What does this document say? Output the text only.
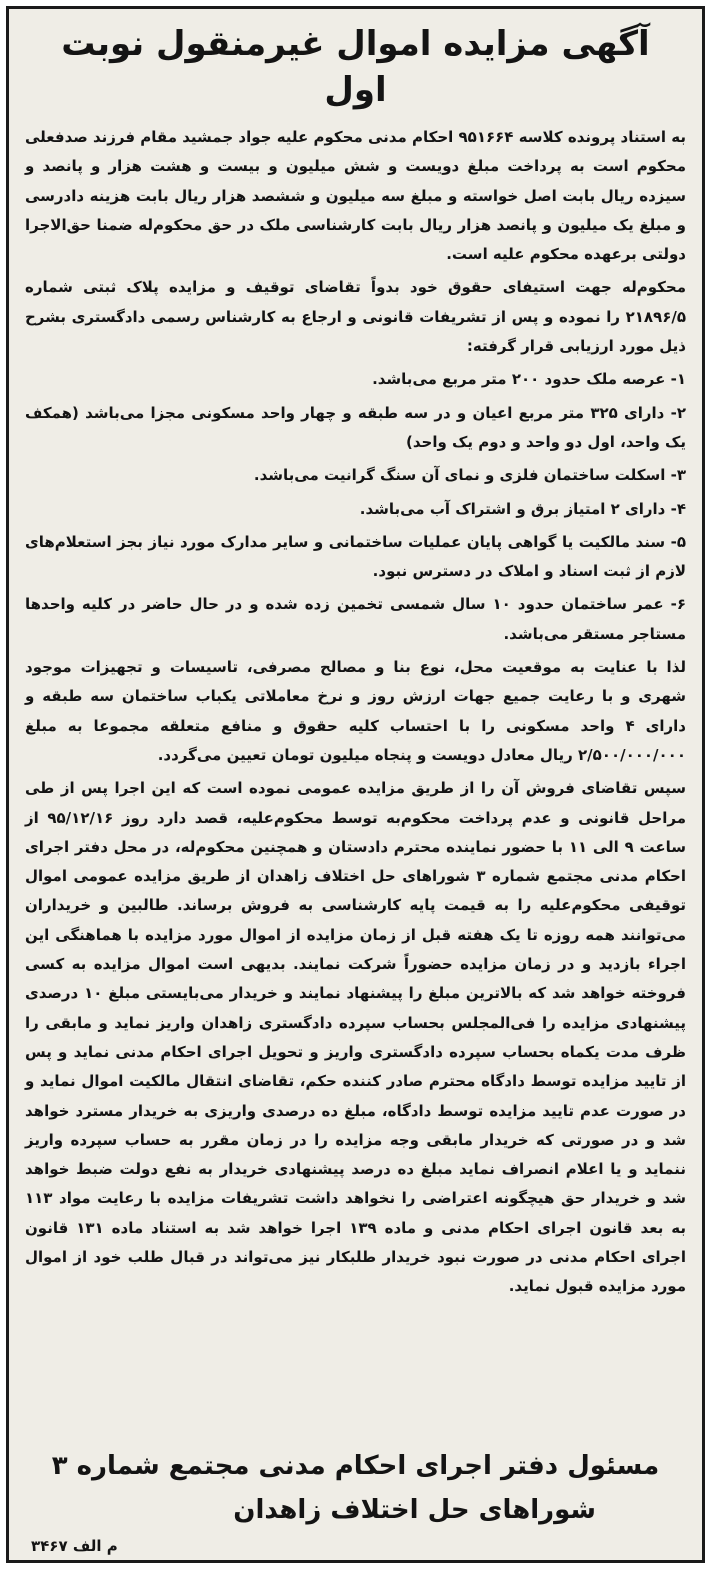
آگهی مزایده اموال غیرمنقول نوبت اول

به استناد پرونده کلاسه ۹۵۱۶۶۴ احکام مدنی محکوم علیه جواد جمشید مقام فرزند صدفعلی محکوم است به پرداخت مبلغ دویست و شش میلیون و بیست و هشت هزار و پانصد و سیزده ریال بابت اصل خواسته و مبلغ سه میلیون و ششصد هزار ریال بابت هزینه دادرسی و مبلغ یک میلیون و پانصد هزار ریال بابت کارشناسی ملک در حق محکوم‌له ضمنا حق‌الاجرا دولتی برعهده محکوم علیه است.

محکوم‌له جهت استیفای حقوق خود بدواً تقاضای توقیف و مزایده پلاک ثبتی شماره ۲۱۸۹۶/۵ را نموده و پس از تشریفات قانونی و ارجاع به کارشناس رسمی دادگستری بشرح ذیل مورد ارزیابی قرار گرفته:

۱- عرصه ملک حدود ۲۰۰ متر مربع می‌باشد.

۲- دارای ۳۲۵ متر مربع اعیان و در سه طبقه و چهار واحد مسکونی مجزا می‌باشد (همکف یک واحد، اول دو واحد و دوم یک واحد)

۳- اسکلت ساختمان فلزی و نمای آن سنگ گرانیت می‌باشد.

۴- دارای ۲ امتیاز برق و اشتراک آب می‌باشد.

۵- سند مالکیت یا گواهی پایان عملیات ساختمانی و سایر مدارک مورد نیاز بجز استعلام‌های لازم از ثبت اسناد و املاک در دسترس نبود.

۶- عمر ساختمان حدود ۱۰ سال شمسی تخمین زده شده و در حال حاضر در کلیه واحدها مستاجر مستقر می‌باشد.

لذا با عنایت به موقعیت محل، نوع بنا و مصالح مصرفی، تاسیسات و تجهیزات موجود شهری و با رعایت جمیع جهات ارزش روز و نرخ معاملاتی یکباب ساختمان سه طبقه و دارای ۴ واحد مسکونی را با احتساب کلیه حقوق و منافع متعلقه مجموعا به مبلغ ۲/۵۰۰/۰۰۰/۰۰۰ ریال معادل دویست و پنجاه میلیون تومان تعیین می‌گردد.

سپس تقاضای فروش آن را از طریق مزایده عمومی نموده است که این اجرا پس از طی مراحل قانونی و عدم پرداخت محکوم‌به توسط محکوم‌علیه، قصد دارد روز ۹۵/۱۲/۱۶ از ساعت ۹ الی ۱۱ با حضور نماینده محترم دادستان و همچنین محکوم‌له، در محل دفتر اجرای احکام مدنی مجتمع شماره ۳ شوراهای حل اختلاف زاهدان از طریق مزایده عمومی اموال توقیفی محکوم‌علیه را به قیمت پایه کارشناسی به فروش برساند. طالبین و خریداران می‌توانند همه روزه تا یک هفته قبل از زمان مزایده از اموال مورد مزایده با هماهنگی این اجراء بازدید و در زمان مزایده حضوراً شرکت نمایند. بدیهی است اموال مزایده به کسی فروخته خواهد شد که بالاترین مبلغ را پیشنهاد نمایند و خریدار می‌بایستی مبلغ ۱۰ درصدی پیشنهادی مزایده را فی‌المجلس بحساب سپرده دادگستری زاهدان واریز نماید و مابقی را ظرف مدت یکماه بحساب سپرده دادگستری واریز و تحویل اجرای احکام مدنی نماید و پس از تایید مزایده توسط دادگاه محترم صادر کننده حکم، تقاضای انتقال مالکیت اموال نماید و در صورت عدم تایید مزایده توسط دادگاه، مبلغ ده درصدی واریزی به خریدار مسترد خواهد شد و در صورتی که خریدار مابقی وجه مزایده را در زمان مقرر به حساب سپرده واریز ننماید و یا اعلام انصراف نماید مبلغ ده درصد پیشنهادی خریدار به نفع دولت ضبط خواهد شد و خریدار حق هیچگونه اعتراضی را نخواهد داشت تشریفات مزایده با رعایت مواد ۱۱۳ به بعد قانون اجرای احکام مدنی و ماده ۱۳۹ اجرا خواهد شد به استناد ماده ۱۳۱ قانون اجرای احکام مدنی در صورت نبود خریدار طلبکار نیز می‌تواند در قبال طلب خود از اموال مورد مزایده قبول نماید.

مسئول دفتر اجرای احکام مدنی مجتمع شماره ۳
شوراهای حل اختلاف زاهدان
م الف ۳۴۶۷
